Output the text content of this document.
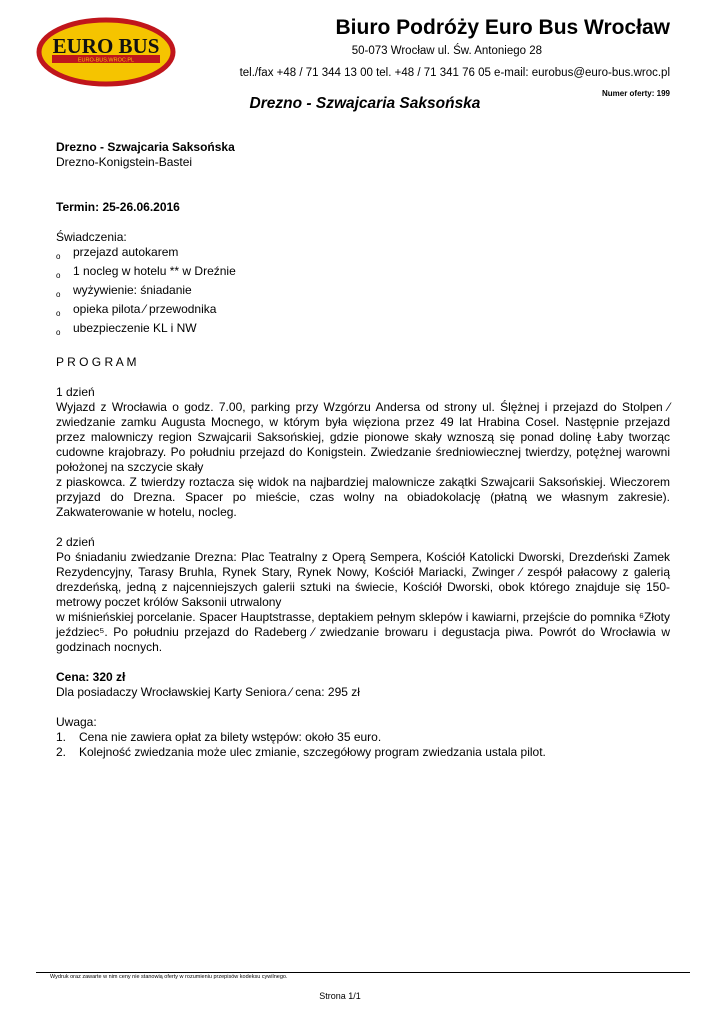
EURO BUS
EURO-BUS.WROC.PL
Biuro Podróży Euro Bus Wrocław
50-073 Wrocław ul. Św. Antoniego 28
tel./fax +48 / 71 344 13 00 tel. +48 / 71 341 76 05 e-mail: eurobus@euro-bus.wroc.pl
Numer oferty: 199
Drezno - Szwajcaria Saksońska

Drezno - Szwajcaria Saksońska

Drezno-Konigstein-Bastei

Termin: 25-26.06.2016

Świadczenia:

o	przejazd autokarem
o	1 nocleg w hotelu ** w Dreźnie
o	wyżywienie: śniadanie
o	opieka pilota ⁄ przewodnika
o	ubezpieczenie KL i NW

P R O G R A M

1 dzień

Wyjazd z Wrocławia o godz. 7.00, parking przy Wzgórzu Andersa od strony ul. Ślężnej i przejazd do Stolpen ⁄ zwiedzanie zamku Augusta Mocnego, w którym była więziona przez 49 lat Hrabina Cosel. Następnie przejazd przez malowniczy region Szwajcarii Saksońskiej, gdzie pionowe skały wznoszą się ponad dolinę Łaby tworząc cudowne krajobrazy. Po południu przejazd do Konigstein. Zwiedzanie średniowiecznej twierdzy, potężnej warowni położonej na szczycie skały

z piaskowca. Z twierdzy roztacza się widok na najbardziej malownicze zakątki Szwajcarii Saksońskiej. Wieczorem przyjazd do Drezna. Spacer po mieście, czas wolny na obiadokolację (płatną we własnym zakresie). Zakwaterowanie w hotelu, nocleg.

2 dzień

Po śniadaniu zwiedzanie Drezna: Plac Teatralny z Operą Sempera, Kościół Katolicki Dworski, Drezdeński Zamek Rezydencyjny, Tarasy Bruhla, Rynek Stary, Rynek Nowy, Kościół Mariacki, Zwinger ⁄ zespół pałacowy z galerią drezdeńską, jedną z najcenniejszych galerii sztuki na świecie, Kościół Dworski, obok którego znajduje się 150-metrowy poczet królów Saksonii utrwalony

w miśnieńskiej porcelanie. Spacer Hauptstrasse, deptakiem pełnym sklepów i kawiarni, przejście do pomnika ⁶Złoty jeździec⁵. Po południu przejazd do Radeberg ⁄ zwiedzanie browaru i degustacja piwa. Powrót do Wrocławia w godzinach nocnych.

Cena: 320 zł

Dla posiadaczy Wrocławskiej Karty Seniora ⁄ cena: 295 zł

Uwaga:

1.	Cena nie zawiera opłat za bilety wstępów: około 35 euro.
2.	Kolejność zwiedzania może ulec zmianie, szczegółowy program zwiedzania ustala pilot.
Wydruk oraz zawarte w nim ceny nie stanowią oferty w rozumieniu przepisów kodeksu cywilnego.
Strona 1/1
